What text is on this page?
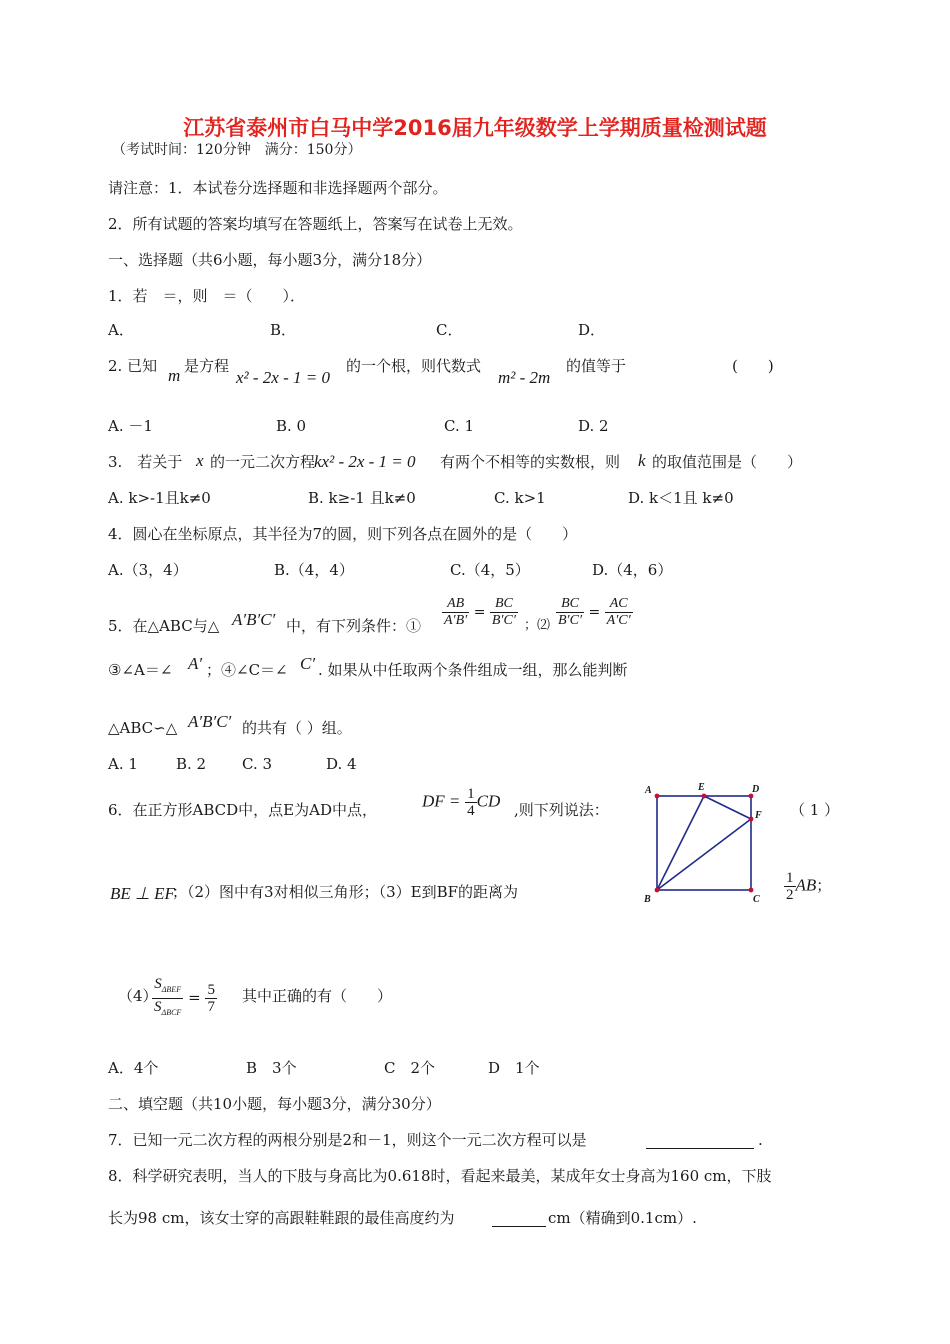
江苏省泰州市白马中学2016届九年级数学上学期质量检测试题
（考试时间：120分钟　满分：150分）
请注意：1．本试卷分选择题和非选择题两个部分。
2．所有试题的答案均填写在答题纸上，答案写在试卷上无效。
一、选择题（共6小题，每小题3分，满分18分）
1．若　＝，则　＝（　　）．
A．	B．	C．	D．
2. 已知 m 是方程
x² - 2x - 1 = 0
的一个根，则代数式
m² - 2m
的值等于	(　　)
A. －1	B. 0	C. 1	D. 2
3.　若关于 x 的一元二次方程
kx² - 2x - 1 = 0 有两个不相等的实数根，则 k 的取值范围是（　　）
A. k>-1且k≠0	B. k≥-1 且k≠0	C. k>1	D. k＜1且 k≠0
4．圆心在坐标原点，其半径为7的圆，则下列各点在圆外的是（　　）
A.（3，4）	B.（4，4）	C.（4，5）	D.（4，6）
5．在△ABC与△ A′B′C′ 中，有下列条件：① $\frac{AB}{A'B'} = \frac{BC}{B'C'}$ ；⑵ $\frac{BC}{B'C'} = \frac{AC}{A'C'}$
③∠A＝∠ A′ ；④∠C＝∠ C′ . 如果从中任取两个条件组成一组，那么能判断
△ABC∽△ A′B′C′ 的共有（ ）组。
A. 1	B. 2 C. 3	D. 4
6．在正方形ABCD中，点E为AD中点，	DF = $\frac{1}{4}$ CD ,则下列说法：	（ 1 ）
BE ⊥ EF
；（2）图中有3对相似三角形；（3）E到BF的距离为	$\frac{1}{2}$ AB；
（4）
$\frac{S_{\Delta BEF}}{S_{\Delta BCF}} = \frac{5}{7}$ 其中正确的有（　　）
A．4个	B　3个	C　2个	D　1个
A	E	D
F
B	C
二、填空题（共10小题，每小题3分，满分30分）
7．已知一元二次方程的两根分别是2和－1，则这个一元二次方程可以是	.
8．科学研究表明，当人的下肢与身高比为0.618时，看起来最美，某成年女士身高为160 cm，下肢
长为98 cm，该女士穿的高跟鞋鞋跟的最佳高度约为	cm（精确到0.1cm）.
